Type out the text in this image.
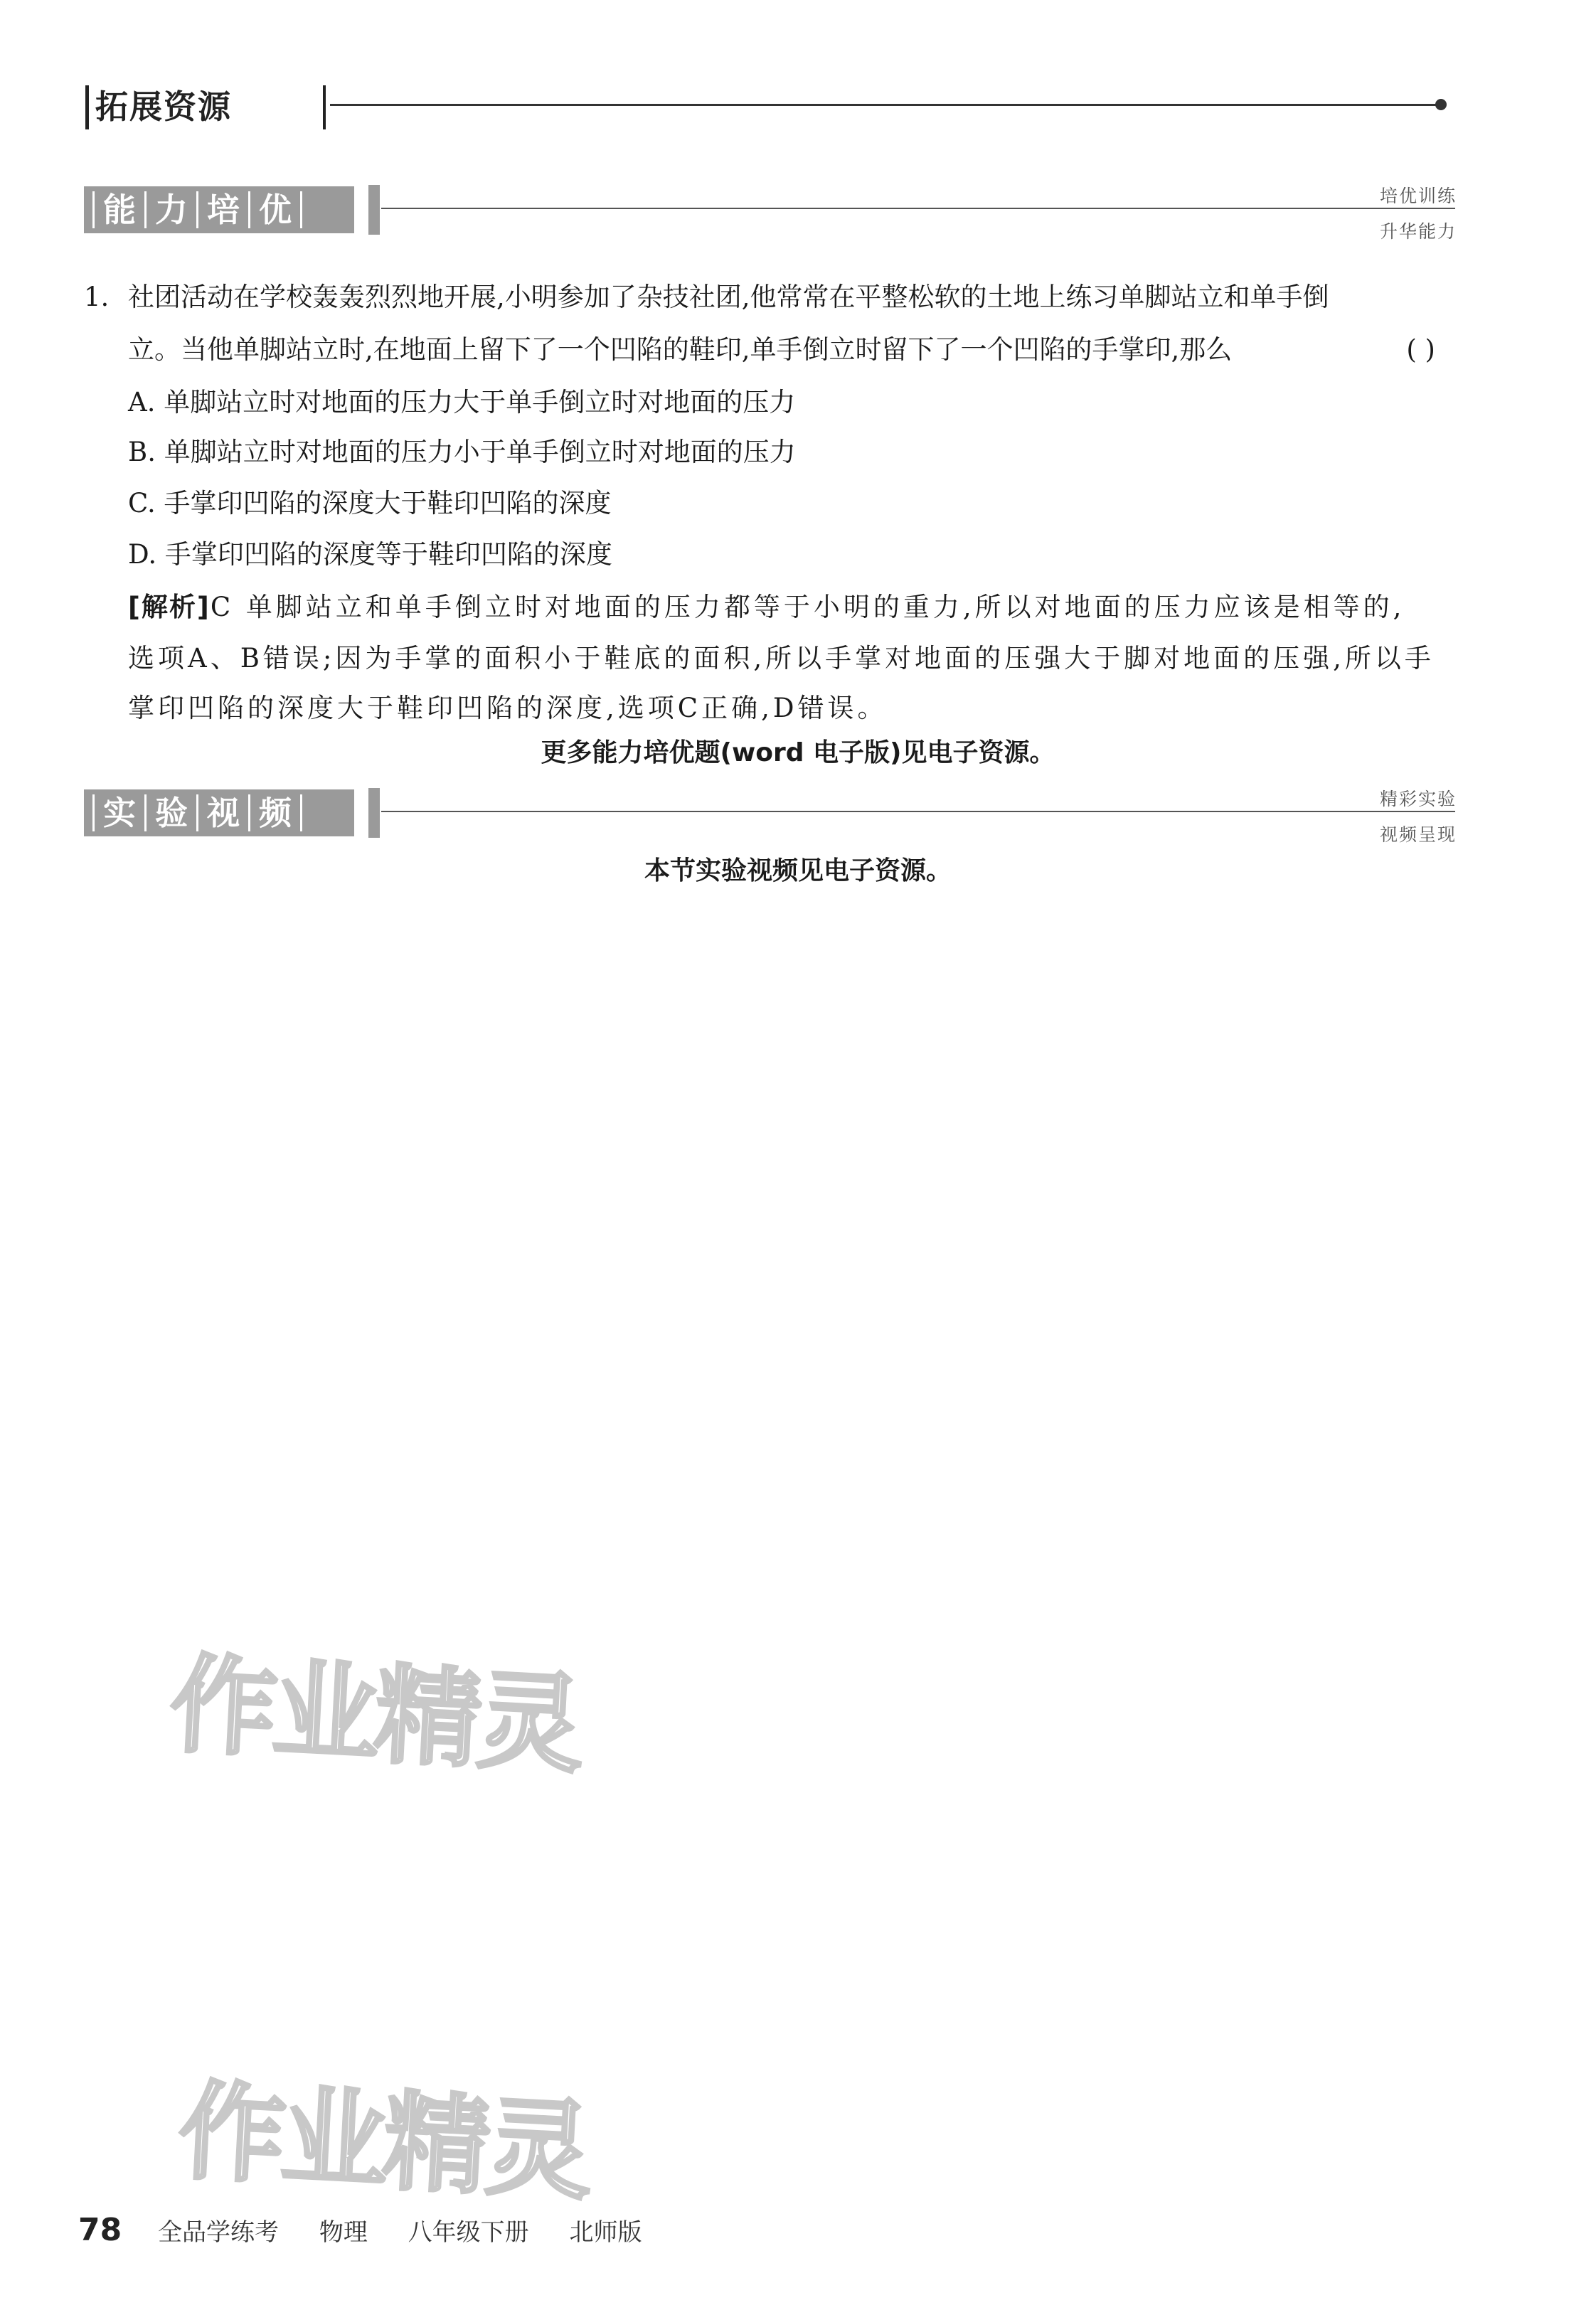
拓展资源
能 力 培 优	培优训练
升华能力
1. 社团活动在学校轰轰烈烈地开展,小明参加了杂技社团,他常常在平整松软的土地上练习单脚站立和单手倒
立。当他单脚站立时,在地面上留下了一个凹陷的鞋印,单手倒立时留下了一个凹陷的手掌印,那么	( )
A. 单脚站立时对地面的压力大于单手倒立时对地面的压力
B. 单脚站立时对地面的压力小于单手倒立时对地面的压力
C. 手掌印凹陷的深度大于鞋印凹陷的深度
D. 手掌印凹陷的深度等于鞋印凹陷的深度
[解析]C 单脚站立和单手倒立时对地面的压力都等于小明的重力,所以对地面的压力应该是相等的,
选项A、B错误;因为手掌的面积小于鞋底的面积,所以手掌对地面的压强大于脚对地面的压强,所以手
掌印凹陷的深度大于鞋印凹陷的深度,选项C正确,D错误。
更多能力培优题(word 电子版)见电子资源。
实 验 视 频	精彩实验
视频呈现
本节实验视频见电子资源。
作业精灵
作业精灵
78 全品学练考 物理 八年级下册 北师版
